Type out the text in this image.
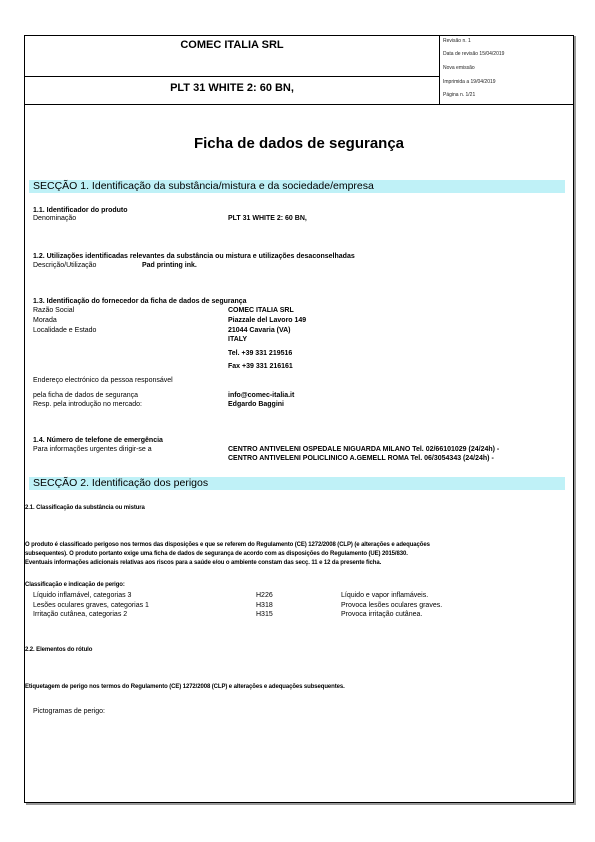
COMEC ITALIA SRL
PLT 31 WHITE 2: 60 BN,
Revisão n. 1
Data de revisão 15/04/2019
Nova emissão
Imprimida a 19/04/2019
Página n. 1/21
Ficha de dados de segurança
SECÇÃO 1. Identificação da substância/mistura e da sociedade/empresa
1.1. Identificador do produto
Denominação	PLT 31 WHITE 2: 60 BN,
1.2. Utilizações identificadas relevantes da substância ou mistura e utilizações desaconselhadas
Descrição/Utilização	Pad printing ink.
1.3. Identificação do fornecedor da ficha de dados de segurança
Razão Social	COMEC ITALIA SRL
Morada	Piazzale del Lavoro 149
Localidade e Estado	21044 Cavaria (VA)
ITALY
Tel. +39 331 219516
Fax +39 331 216161
Endereço electrónico da pessoa responsável
pela ficha de dados de segurança	info@comec-italia.it
Resp. pela introdução no mercado:	Edgardo Baggini
1.4. Número de telefone de emergência
Para informações urgentes dirigir-se a	CENTRO ANTIVELENI OSPEDALE NIGUARDA MILANO Tel. 02/66101029 (24/24h) -
CENTRO ANTIVELENI POLICLINICO A.GEMELL ROMA Tel. 06/3054343 (24/24h) -
SECÇÃO 2. Identificação dos perigos
2.1. Classificação da substância ou mistura
O produto é classificado perigoso nos termos das disposições e que se referem do Regulamento (CE) 1272/2008 (CLP) (e alterações e adequações
subsequentes). O produto portanto exige uma ficha de dados de segurança de acordo com as disposições do Regulamento (UE) 2015/830.
Eventuais informações adicionais relativas aos riscos para a saúde e/ou o ambiente constam das secç. 11 e 12 da presente ficha.
Classificação e indicação de perigo:
Líquido inflamável, categorias 3	H226	Líquido e vapor inflamáveis.
Lesões oculares graves, categorias 1	H318	Provoca lesões oculares graves.
Irritação cutânea, categorias 2	H315	Provoca irritação cutânea.
2.2. Elementos do rótulo
Etiquetagem de perigo nos termos do Regulamento (CE) 1272/2008 (CLP) e alterações e adequações subsequentes.
Pictogramas de perigo:
